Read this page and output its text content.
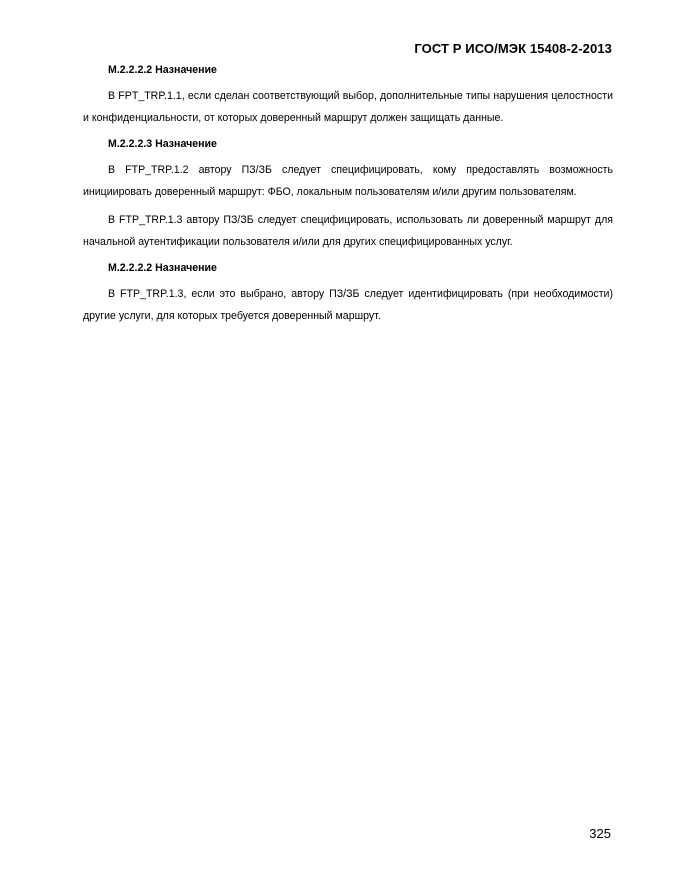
ГОСТ Р ИСО/МЭК 15408-2-2013
M.2.2.2.2 Назначение

В FPT_TRP.1.1, если сделан соответствующий выбор, дополнительные типы нарушения целостности и конфиденциальности, от которых доверенный маршрут должен защищать данные.

M.2.2.2.3 Назначение

В FTP_TRP.1.2 автору ПЗ/ЗБ следует специфицировать, кому предоставлять возможность инициировать доверенный маршрут: ФБО, локальным пользователям и/или другим пользователям.

В FTP_TRP.1.3 автору ПЗ/ЗБ следует специфицировать, использовать ли доверенный маршрут для начальной аутентификации пользователя и/или для других специфицированных услуг.

M.2.2.2.2 Назначение

В FTP_TRP.1.3, если это выбрано, автору ПЗ/ЗБ следует идентифицировать (при необходимости) другие услуги, для которых требуется доверенный маршрут.

325
